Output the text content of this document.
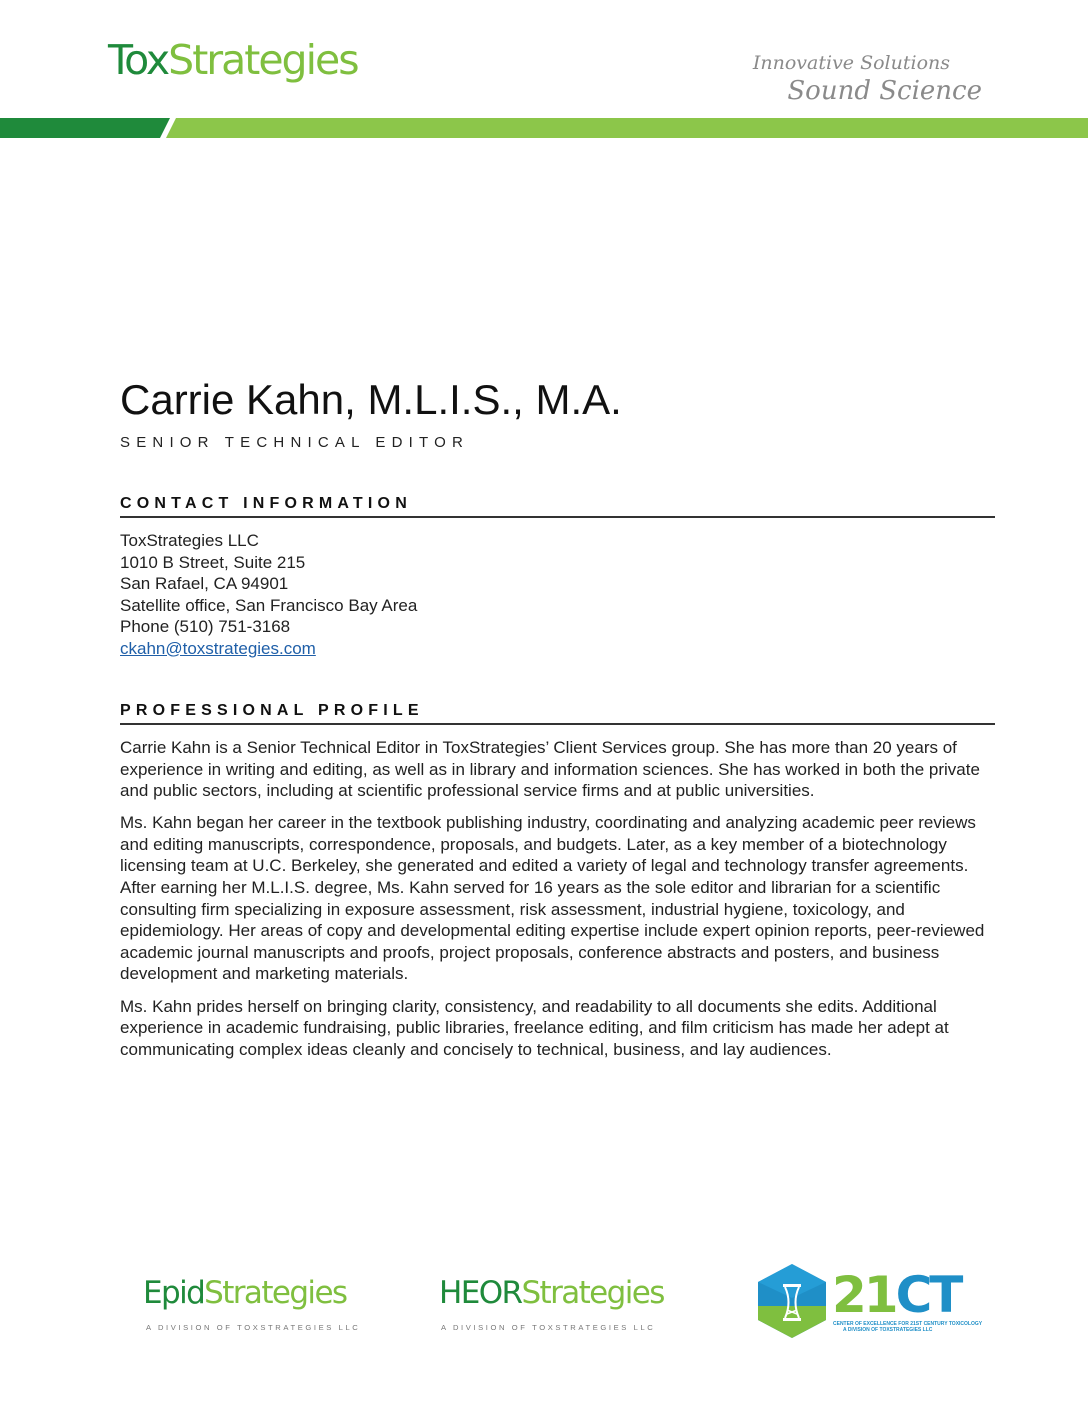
ToxStrategies	Innovative Solutions
Sound Science
Carrie Kahn, M.L.I.S., M.A.
SENIOR TECHNICAL EDITOR
CONTACT INFORMATION
ToxStrategies LLC
1010 B Street, Suite 215
San Rafael, CA 94901
Satellite office, San Francisco Bay Area
Phone (510) 751-3168
ckahn@toxstrategies.com
PROFESSIONAL PROFILE

Carrie Kahn is a Senior Technical Editor in ToxStrategies’ Client Services group. She has more than 20 years of experience in writing and editing, as well as in library and information sciences. She has worked in both the private and public sectors, including at scientific professional service firms and at public universities.

Ms. Kahn began her career in the textbook publishing industry, coordinating and analyzing academic peer reviews and editing manuscripts, correspondence, proposals, and budgets. Later, as a key member of a biotechnology licensing team at U.C. Berkeley, she generated and edited a variety of legal and technology transfer agreements. After earning her M.L.I.S. degree, Ms. Kahn served for 16 years as the sole editor and librarian for a scientific consulting firm specializing in exposure assessment, risk assessment, industrial hygiene, toxicology, and epidemiology. Her areas of copy and developmental editing expertise include expert opinion reports, peer-reviewed academic journal manuscripts and proofs, project proposals, conference abstracts and posters, and business development and marketing materials.

Ms. Kahn prides herself on bringing clarity, consistency, and readability to all documents she edits. Additional experience in academic fundraising, public libraries, freelance editing, and film criticism has made her adept at communicating complex ideas cleanly and concisely to technical, business, and lay audiences.

EpidStrategies
A DIVISION OF TOXSTRATEGIES LLC
HEORStrategies
A DIVISION OF TOXSTRATEGIES LLC
21CT
CENTER OF EXCELLENCE FOR 21ST CENTURY TOXICOLOGY
A DIVISION OF TOXSTRATEGIES LLC
